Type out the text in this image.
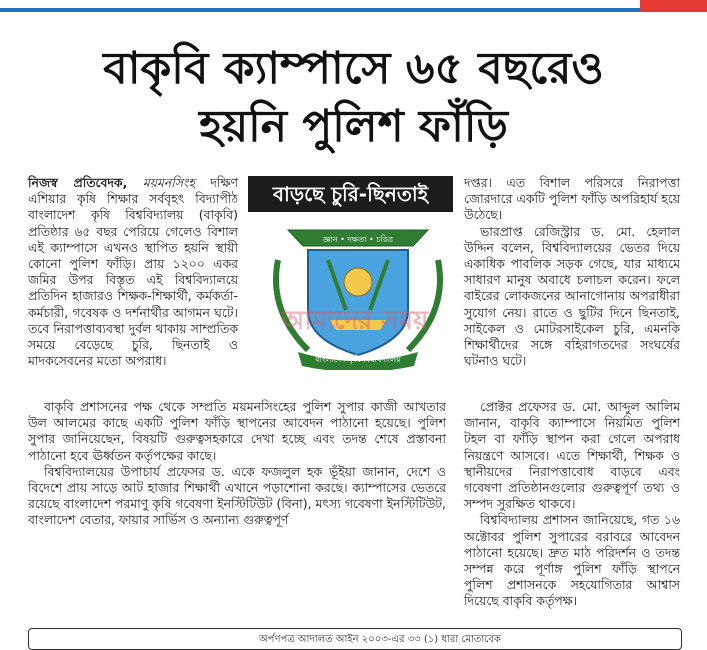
বাকৃবি ক্যাম্পাসে ৬৫ বছরেও
হয়নি পুলিশ ফাঁড়ি

নিজস্ব প্রতিবেদক, ময়মনসিংহ দক্ষিণ এশিয়ার কৃষি শিক্ষার সর্ববৃহৎ বিদ্যাপীঠ বাংলাদেশ কৃষি বিশ্ববিদ্যালয় (বাকৃবি) প্রতিষ্ঠার ৬৫ বছর পেরিয়ে গেলেও বিশাল এই ক্যাম্পাসে এখনও স্থাপিত হয়নি স্থায়ী কোনো পুলিশ ফাঁড়ি। প্রায় ১২০০ একর জমির উপর বিস্তৃত এই বিশ্ববিদ্যালয়ে প্রতিদিন হাজারও শিক্ষক-শিক্ষার্থী, কর্মকর্তা-কর্মচারী, গবেষক ও দর্শনার্থীর আগমন ঘটে। তবে নিরাপত্তাব্যবস্থা দুর্বল থাকায় সাম্প্রতিক সময়ে বেড়েছে চুরি, ছিনতাই ও মাদকসেবনের মতো অপরাধ।

বাড়ছে চুরি-ছিনতাই
জ্ঞান • দক্ষতা • চরিত্র
বাংলাদেশ কৃষি বিশ্ববিদ্যালয়
আমাদের সময়

দপ্তর। এত বিশাল পরিসরে নিরাপত্তা জোরদারে একটি পুলিশ ফাঁড়ি অপরিহার্য হয়ে উঠেছে।

ভারপ্রাপ্ত রেজিস্ট্রার ড. মো. হেলাল উদ্দিন বলেন, বিশ্ববিদ্যালয়ের ভেতর দিয়ে একাধিক পাবলিক সড়ক গেছে, যার মাধ্যমে সাধারণ মানুষ অবাধে চলাচল করেন। ফলে বাইরের লোকজনের আনাগোনায় অপরাধীরা সুযোগ নেয়। রাতে ও ছুটির দিনে ছিনতাই, সাইকেল ও মোটরসাইকেল চুরি, এমনকি শিক্ষার্থীদের সঙ্গে বহিরাগতদের সংঘর্ষের ঘটনাও ঘটে।

বাকৃবি প্রশাসনের পক্ষ থেকে সম্প্রতি ময়মনসিংহের পুলিশ সুপার কাজী আখতার উল আলমের কাছে একটি পুলিশ ফাঁড়ি স্থাপনের আবেদন পাঠানো হয়েছে। পুলিশ সুপার জানিয়েছেন, বিষয়টি গুরুত্বসহকারে দেখা হচ্ছে এবং তদন্ত শেষে প্রস্তাবনা পাঠানো হবে ঊর্ধ্বতন কর্তৃপক্ষের কাছে।

বিশ্ববিদ্যালয়ের উপাচার্য প্রফেসর ড. একে ফজলুল হক ভূঁইয়া জানান, দেশে ও বিদেশে প্রায় সাড়ে আট হাজার শিক্ষার্থী এখানে পড়াশোনা করছে। ক্যাম্পাসের ভেতরে রয়েছে বাংলাদেশ পরমাণু কৃষি গবেষণা ইনস্টিটিউট (বিনা), মৎস্য গবেষণা ইনস্টিটিউট, বাংলাদেশ বেতার, ফায়ার সার্ভিস ও অন্যান্য গুরুত্বপূর্ণ

প্রোক্টর প্রফেসর ড. মো. আব্দুল আলিম জানান, বাকৃবি ক্যাম্পাসে নিয়মিত পুলিশ টহল বা ফাঁড়ি স্থাপন করা গেলে অপরাধ নিয়ন্ত্রণে আসবে। এতে শিক্ষার্থী, শিক্ষক ও স্থানীয়দের নিরাপত্তাবোধ বাড়বে এবং গবেষণা প্রতিষ্ঠানগুলোর গুরুত্বপূর্ণ তথ্য ও সম্পদ সুরক্ষিত থাকবে।

বিশ্ববিদ্যালয় প্রশাসন জানিয়েছে, গত ১৬ অক্টোবর পুলিশ সুপারের বরাবরে আবেদন পাঠানো হয়েছে। দ্রুত মাঠ পরিদর্শন ও তদন্ত সম্পন্ন করে পূর্ণাঙ্গ পুলিশ ফাঁড়ি স্থাপনে পুলিশ প্রশাসনকে সহযোগিতার আশ্বাস দিয়েছে বাকৃবি কর্তৃপক্ষ।

অর্পণপত্র আদালত আইন ২০০৩-এর ৩৩ (১) ধারা মোতাবেক
